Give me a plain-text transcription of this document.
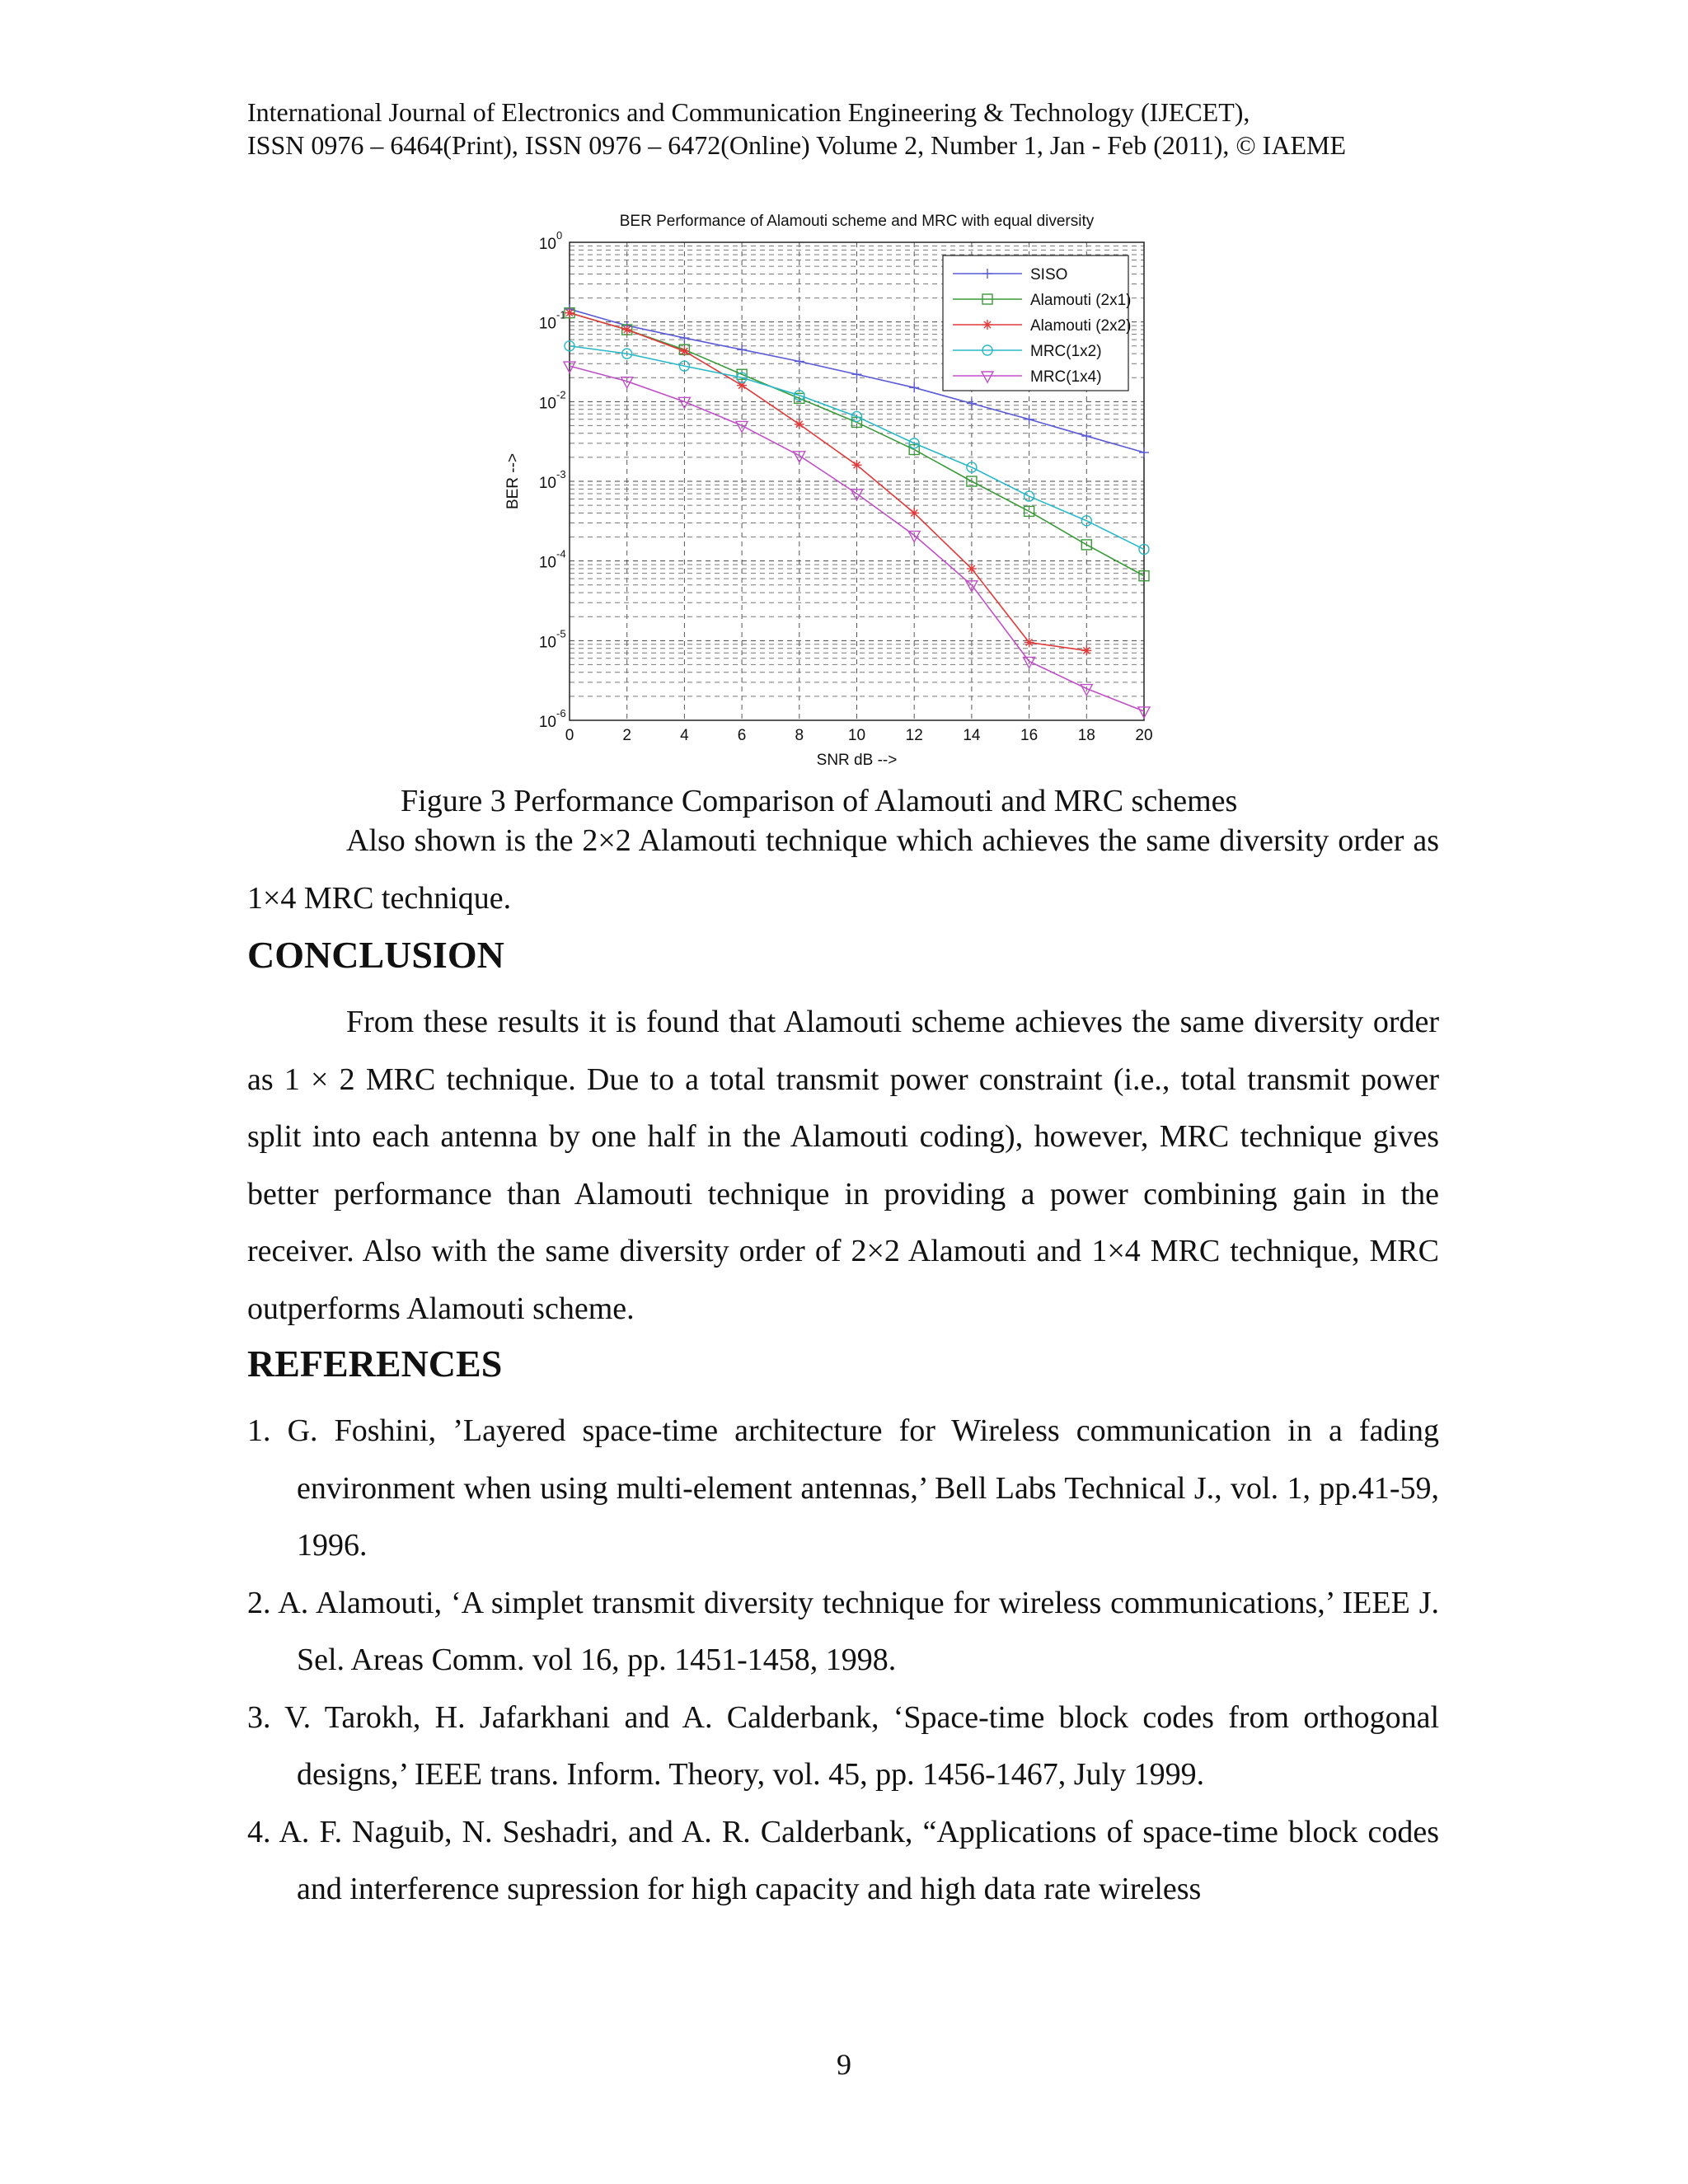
International Journal of Electronics and Communication Engineering & Technology (IJECET),
ISSN 0976 – 6464(Print), ISSN 0976 – 6472(Online) Volume 2, Number 1, Jan - Feb (2011), © IAEME
BER Performance of Alamouti scheme and MRC with equal diversity
0	2	4	6	8	10	12	14	16	18	20
10
0
10
-1
10
-2
10
-3
10
-4
10
-5
10
-6
SNR dB -->
BER -->
SISO
Alamouti (2x1)
Alamouti (2x2)
MRC(1x2)
MRC(1x4)
Figure 3 Performance Comparison of Alamouti and MRC schemes

Also shown is the 2×2 Alamouti technique which achieves the same diversity order as 1×4 MRC technique.

CONCLUSION

From these results it is found that Alamouti scheme achieves the same diversity order as 1 × 2 MRC technique. Due to a total transmit power constraint (i.e., total transmit power split into each antenna by one half in the Alamouti coding), however, MRC technique gives better performance than Alamouti technique in providing a power combining gain in the receiver. Also with the same diversity order of 2×2 Alamouti and 1×4 MRC technique, MRC outperforms Alamouti scheme.

REFERENCES
1. G. Foshini, ’Layered space-time architecture for Wireless communication in a fading environment when using multi-element antennas,’ Bell Labs Technical J., vol. 1, pp.41-59, 1996.
2. A. Alamouti, ‘A simplet transmit diversity technique for wireless communications,’ IEEE J. Sel. Areas Comm. vol 16, pp. 1451-1458, 1998.
3. V. Tarokh, H. Jafarkhani and A. Calderbank, ‘Space-time block codes from orthogonal designs,’ IEEE trans. Inform. Theory, vol. 45, pp. 1456-1467, July 1999.
4. A. F. Naguib, N. Seshadri, and A. R. Calderbank, “Applications of space-time block codes and interference supression for high capacity and high data rate wireless
9
